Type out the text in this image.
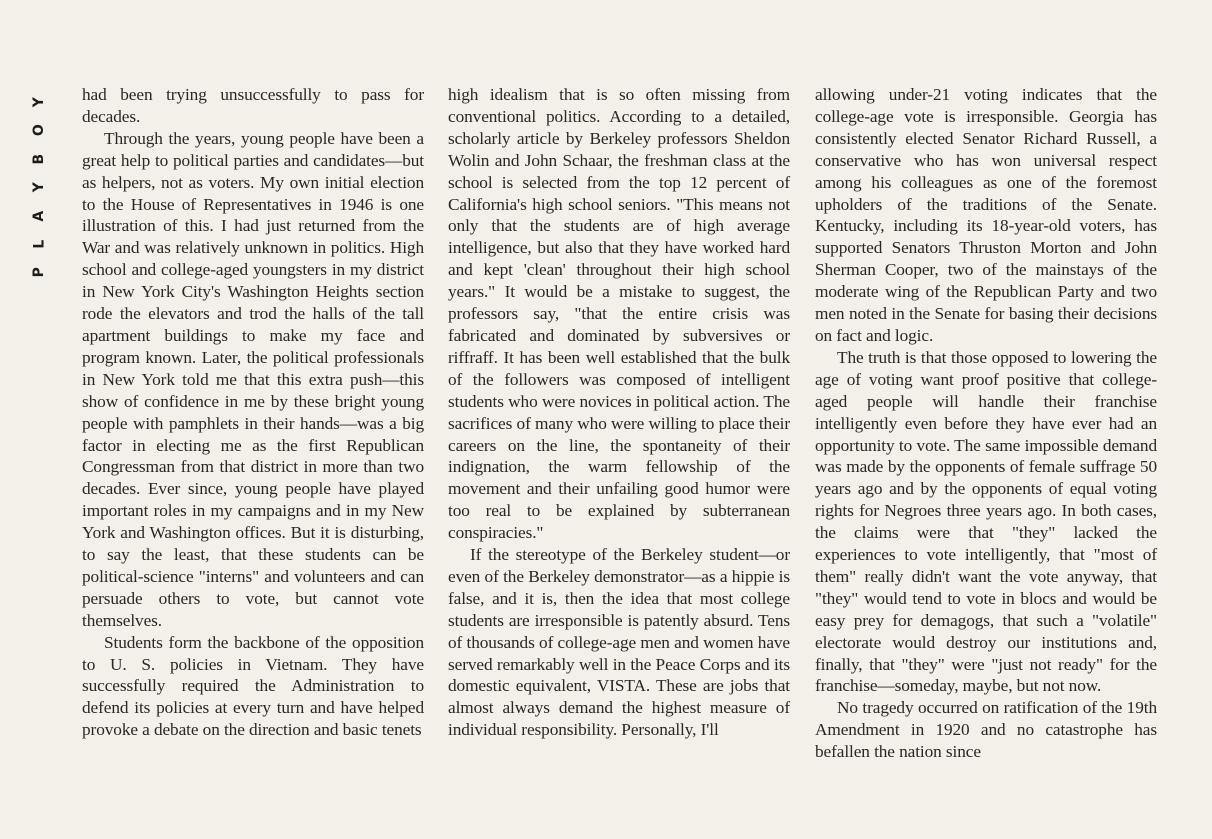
Y
O
B
Y
A
L
P

had been trying unsuccessfully to pass for decades.

Through the years, young people have been a great help to political parties and candidates—but as helpers, not as voters. My own initial election to the House of Representatives in 1946 is one illustration of this. I had just returned from the War and was relatively unknown in politics. High school and college-aged youngsters in my district in New York City's Washington Heights section rode the elevators and trod the halls of the tall apartment buildings to make my face and program known. Later, the political professionals in New York told me that this extra push—this show of confidence in me by these bright young people with pamphlets in their hands—was a big factor in electing me as the first Republican Congressman from that district in more than two decades. Ever since, young people have played important roles in my campaigns and in my New York and Washington offices. But it is disturbing, to say the least, that these students can be political-science "interns" and volunteers and can persuade others to vote, but cannot vote themselves.

Students form the backbone of the opposition to U. S. policies in Vietnam. They have successfully required the Administration to defend its policies at every turn and have helped provoke a debate on the direction and basic tenets

high idealism that is so often missing from conventional politics. According to a detailed, scholarly article by Berkeley professors Sheldon Wolin and John Schaar, the freshman class at the school is selected from the top 12 percent of California's high school seniors. "This means not only that the students are of high average intelligence, but also that they have worked hard and kept 'clean' throughout their high school years." It would be a mistake to suggest, the professors say, "that the entire crisis was fabricated and dominated by subversives or riffraff. It has been well established that the bulk of the followers was composed of intelligent students who were novices in political action. The sacrifices of many who were willing to place their careers on the line, the spontaneity of their indignation, the warm fellowship of the movement and their unfailing good humor were too real to be explained by subterranean conspiracies."

If the stereotype of the Berkeley student—or even of the Berkeley demonstrator—as a hippie is false, and it is, then the idea that most college students are irresponsible is patently absurd. Tens of thousands of college-age men and women have served remarkably well in the Peace Corps and its domestic equivalent, VISTA. These are jobs that almost always demand the highest measure of individual responsibility. Personally, I'll

allowing under-21 voting indicates that the college-age vote is irresponsible. Georgia has consistently elected Senator Richard Russell, a conservative who has won universal respect among his colleagues as one of the foremost upholders of the traditions of the Senate. Kentucky, including its 18-year-old voters, has supported Senators Thruston Morton and John Sherman Cooper, two of the mainstays of the moderate wing of the Republican Party and two men noted in the Senate for basing their decisions on fact and logic.

The truth is that those opposed to lowering the age of voting want proof positive that college-aged people will handle their franchise intelligently even before they have ever had an opportunity to vote. The same impossible demand was made by the opponents of female suffrage 50 years ago and by the opponents of equal voting rights for Negroes three years ago. In both cases, the claims were that "they" lacked the experiences to vote intelligently, that "most of them" really didn't want the vote anyway, that "they" would tend to vote in blocs and would be easy prey for demagogs, that such a "volatile" electorate would destroy our institutions and, finally, that "they" were "just not ready" for the franchise—someday, maybe, but not now.

No tragedy occurred on ratification of the 19th Amendment in 1920 and no catastrophe has befallen the nation since
